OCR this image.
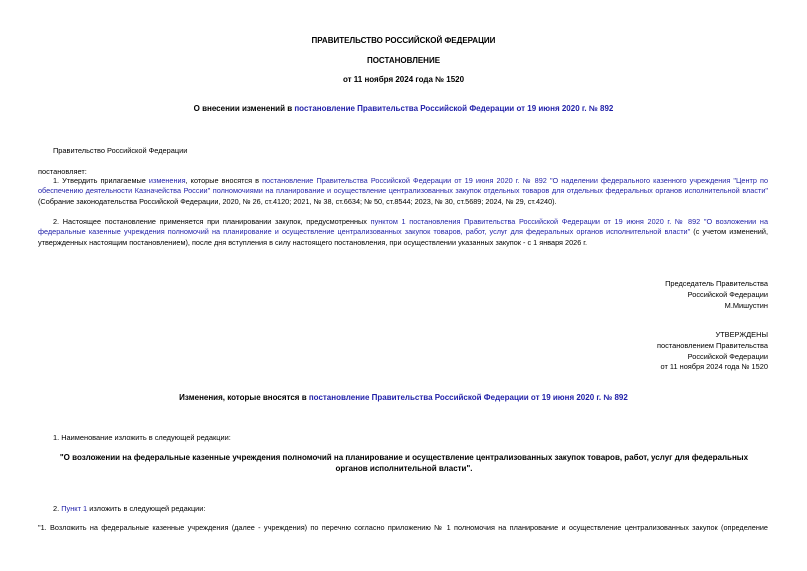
ПРАВИТЕЛЬСТВО РОССИЙСКОЙ ФЕДЕРАЦИИ
ПОСТАНОВЛЕНИЕ
от 11 ноября 2024 года № 1520
О внесении изменений в постановление Правительства Российской Федерации от 19 июня 2020 г. № 892
Правительство Российской Федерации
постановляет:
1. Утвердить прилагаемые изменения, которые вносятся в постановление Правительства Российской Федерации от 19 июня 2020 г. № 892 "О наделении федерального казенного учреждения "Центр по обеспечению деятельности Казначейства России" полномочиями на планирование и осуществление централизованных закупок отдельных товаров для отдельных федеральных органов исполнительной власти" (Собрание законодательства Российской Федерации, 2020, № 26, ст.4120; 2021, № 38, ст.6634; № 50, ст.8544; 2023, № 30, ст.5689; 2024, № 29, ст.4240).
2. Настоящее постановление применяется при планировании закупок, предусмотренных пунктом 1 постановления Правительства Российской Федерации от 19 июня 2020 г. № 892 "О возложении на федеральные казенные учреждения полномочий на планирование и осуществление централизованных закупок товаров, работ, услуг для федеральных органов исполнительной власти" (с учетом изменений, утвержденных настоящим постановлением), после дня вступления в силу настоящего постановления, при осуществлении указанных закупок - с 1 января 2026 г.
Председатель Правительства
Российской Федерации
М.Мишустин
УТВЕРЖДЕНЫ
постановлением Правительства
Российской Федерации
от 11 ноября 2024 года № 1520
Изменения, которые вносятся в постановление Правительства Российской Федерации от 19 июня 2020 г. № 892
1. Наименование изложить в следующей редакции:
"О возложении на федеральные казенные учреждения полномочий на планирование и осуществление централизованных закупок товаров, работ, услуг для федеральных органов исполнительной власти".
2. Пункт 1 изложить в следующей редакции:
"1. Возложить на федеральные казенные учреждения (далее - учреждения) по перечню согласно приложению № 1 полномочия на планирование и осуществление централизованных закупок (определение
